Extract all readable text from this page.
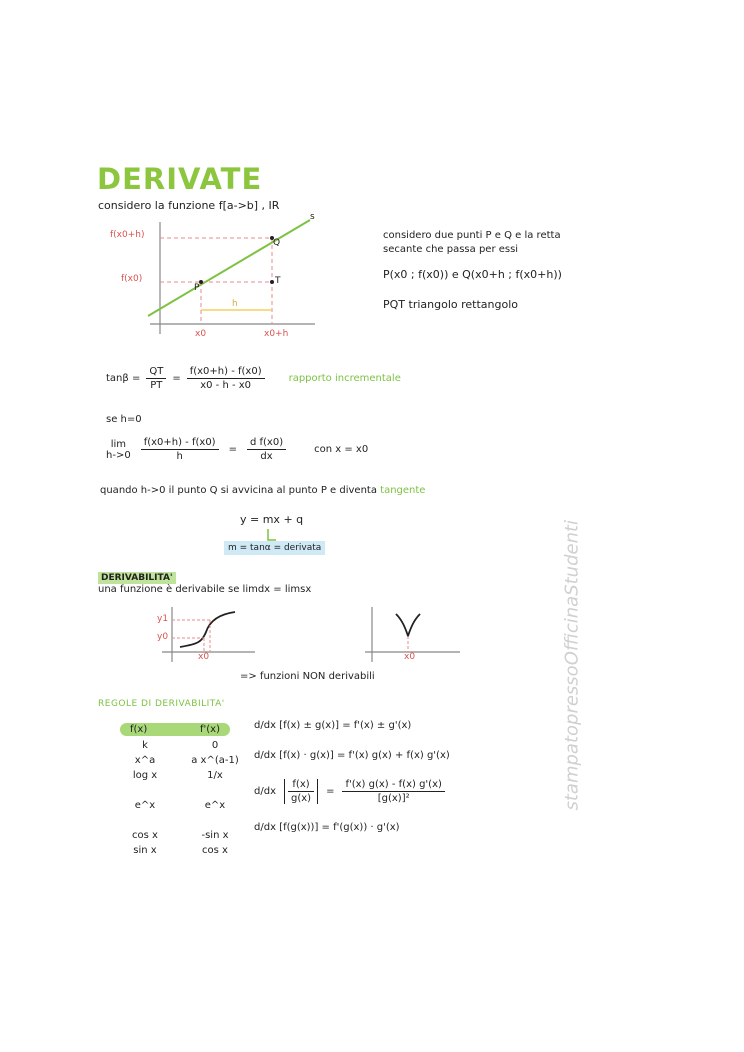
DERIVATE
considero la funzione f[a->b] , IR
f(x0+h)
f(x0)
x0	x0+h
h
P
Q
T
s
considero due punti P e Q e la retta
secante che passa per essi
P(x0 ; f(x0)) e Q(x0+h ; f(x0+h))
PQT triangolo rettangolo
$\tan\beta = \frac{QT}{PT} = \frac{f(x0+h) - f(x0)}{x0 - h - x0}$ rapporto incrementale
se h=0
lim
$h->0 \frac{f(x0+h) - f(x0)}{h} = \frac{\text{d f(x0)}}{dx}$	con x = x0
quando h->0 il punto Q si avvicina al punto P e diventa tangente
y = mx + q
m = tanα = derivata
DERIVABILITA'
una funzione è derivabile se limdx = limsx
y1
y0
x0	x0
=> funzioni NON derivabili
REGOLE DI DERIVABILITA'
f(x)	f'(x)
k	0
x^a	a x^(a-1)
log x	1/x
e^x	e^x
cos x	-sin x
sin x	cos x
d/dx [f(x) ± g(x)] = f'(x) ± g'(x)
d/dx [f(x) · g(x)] = f'(x) g(x) + f(x) g'(x)
$d/dx \frac{f(x)}{g(x)} = \frac{f'(x) g(x) - f(x) g'(x)}{\text{[g(x)]²}}$
d/dx [f(g(x))] = f'(g(x)) · g'(x)
stampatopressoOfficinaStudenti
